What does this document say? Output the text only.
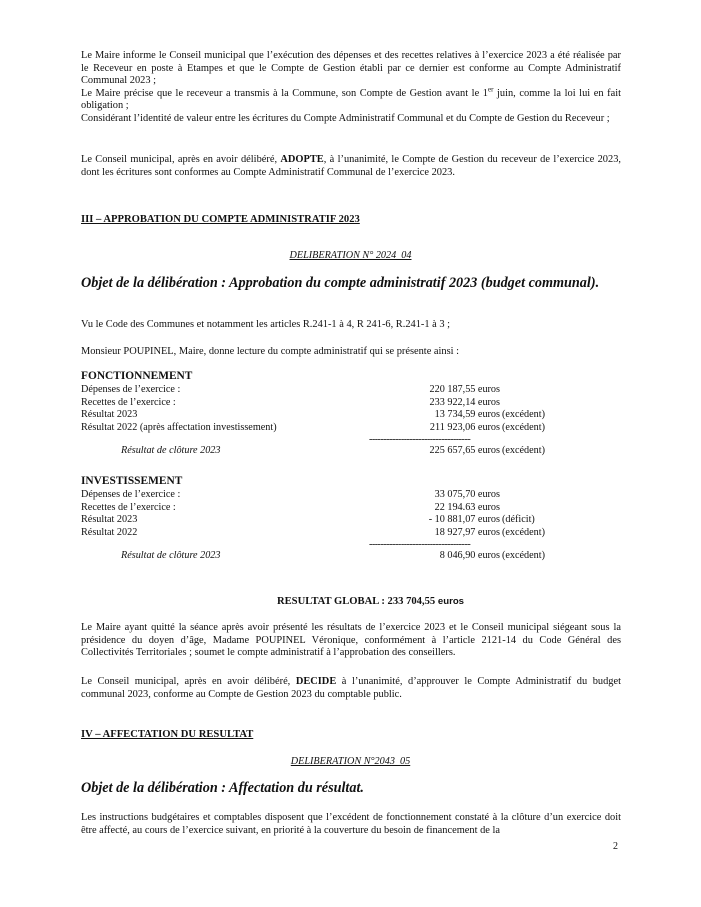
Le Maire informe le Conseil municipal que l’exécution des dépenses et des recettes relatives à l’exercice 2023 a été réalisée par le Receveur en poste à Etampes et que le Compte de Gestion établi par ce dernier est conforme au Compte Administratif Communal 2023 ;
Le Maire précise que le receveur a transmis à la Commune, son Compte de Gestion avant le 1er juin, comme la loi lui en fait obligation ;
Considérant l’identité de valeur entre les écritures du Compte Administratif Communal et du Compte de Gestion du Receveur ;

Le Conseil municipal, après en avoir délibéré, ADOPTE, à l’unanimité, le Compte de Gestion du receveur de l’exercice 2023, dont les écritures sont conformes au Compte Administratif Communal de l’exercice 2023.

III – APPROBATION DU COMPTE ADMINISTRATIF 2023

DELIBERATION N° 2024_04

Objet de la délibération : Approbation du compte administratif 2023 (budget communal).

Vu le Code des Communes et notamment les articles R.241-1 à 4, R 241-6, R.241-1 à 3 ;

Monsieur POUPINEL, Maire, donne lecture du compte administratif qui se présente ainsi :

FONCTIONNEMENT

Dépenses de l’exercice :	220 187,55 euros
Recettes de l’exercice :	233 922,14 euros
Résultat 2023	13 734,59 euros (excédent)
Résultat 2022 (après affectation investissement)	211 923,06 euros (excédent)
-----------------------------------
Résultat de clôture 2023	225 657,65 euros (excédent)

INVESTISSEMENT

Dépenses de l’exercice :	33 075,70 euros
Recettes de l’exercice :	22 194.63 euros
Résultat 2023	- 10 881,07 euros (déficit)
Résultat 2022	18 927,97 euros (excédent)
-----------------------------------
Résultat de clôture 2023	8 046,90 euros (excédent)

RESULTAT GLOBAL : 233 704,55 euros

Le Maire ayant quitté la séance après avoir présenté les résultats de l’exercice 2023 et le Conseil municipal siégeant sous la présidence du doyen d’âge, Madame POUPINEL Véronique, conformément à l’article 2121-14 du Code Général des Collectivités Territoriales ; soumet le compte administratif à l’approbation des conseillers.

Le Conseil municipal, après en avoir délibéré, DECIDE à l’unanimité, d’approuver le Compte Administratif du budget communal 2023, conforme au Compte de Gestion 2023 du comptable public.

IV – AFFECTATION DU RESULTAT

DELIBERATION N°2043_05

Objet de la délibération : Affectation du résultat.

Les instructions budgétaires et comptables disposent que l’excédent de fonctionnement constaté à la clôture d’un exercice doit être affecté, au cours de l’exercice suivant, en priorité à la couverture du besoin de financement de la

2
